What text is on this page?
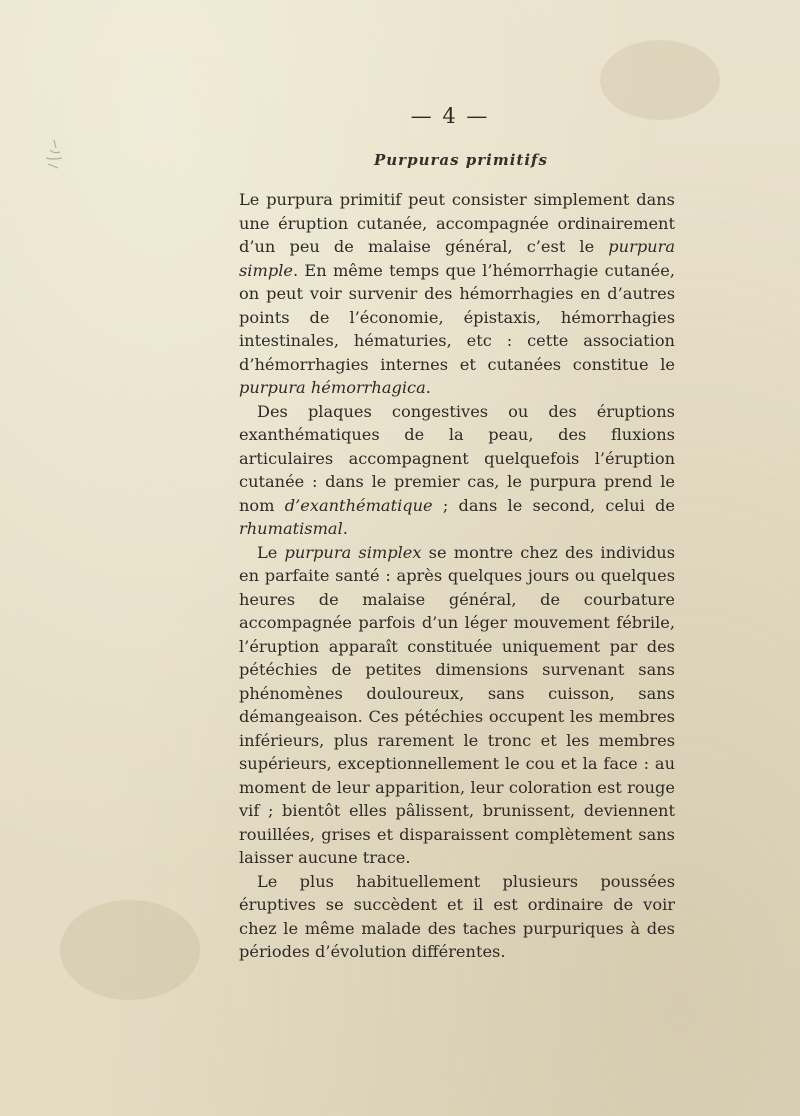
— 4 —
Purpuras primitifs

Le purpura primitif peut consister simplement dans une éruption cutanée, accompagnée ordinairement d’un peu de malaise général, c’est le purpura simple. En même temps que l’hémorrhagie cutanée, on peut voir survenir des hémorrhagies en d’autres points de l’économie, épistaxis, hémorrhagies intestinales, hématuries, etc : cette association d’hémorrhagies internes et cutanées constitue le purpura hémorrhagica.

Des plaques congestives ou des éruptions exanthématiques de la peau, des fluxions articulaires accompagnent quelquefois l’éruption cutanée : dans le premier cas, le purpura prend le nom d’exanthématique ; dans le second, celui de rhumatismal.

Le purpura simplex se montre chez des individus en parfaite santé : après quelques jours ou quelques heures de malaise général, de courbature accompagnée parfois d’un léger mouvement fébrile, l’éruption apparaît constituée uniquement par des pétéchies de petites dimensions survenant sans phénomènes douloureux, sans cuisson, sans démangeaison. Ces pétéchies occupent les membres inférieurs, plus rarement le tronc et les membres supérieurs, exceptionnellement le cou et la face : au moment de leur apparition, leur coloration est rouge vif ; bientôt elles pâlissent, brunissent, deviennent rouillées, grises et disparaissent complètement sans laisser aucune trace.

Le plus habituellement plusieurs poussées éruptives se succèdent et il est ordinaire de voir chez le même malade des taches purpuriques à des périodes d’évolution différentes.
